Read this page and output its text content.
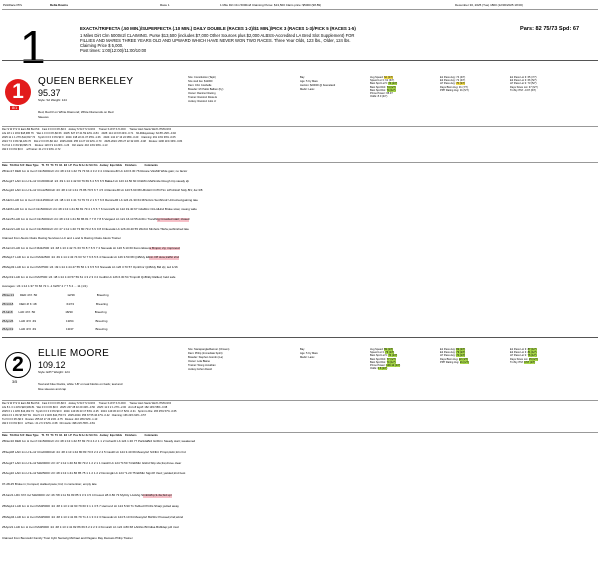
PickRace PPs	Delta Downs	Race 1	1 Mile Dirt Clm 5000n2l Claiming Purse: $13,500 Claim price: $5000 (98.89)	December 30, 2025 (Tue) 1800 (12/30/2025 18:00)
1	EXACTA/TRIFECTA (.50 MIN.)/SUPERFECTA (.10 MIN.) DAILY DOUBLE (RACES 1-2)/$1 MIN.)/PICK 3 (RACES 1-3)/PICK 5 (RACES 1-5)
1 Miles Dirt Clm 5000n2l CLAIMING. Purse $13,500 (includes $7,000 Other Sources plus $2,000 ALBSS-Accredited LA Bred Slot Supplement) FOR
FILLIES AND MARES THREE YEARS OLD AND UPWARD WHICH HAVE NEVER WON TWO RACES. Three Year Olds, 123 lbs., Older, 124 lbs.
Claiming Price $ 5,000.
Post times: 1:00(12:00)/11:00/10:00
Pars: 82 75/73 Spd: 67
1
8/1
QUEEN BERKELEY
95.37
Style: S2 Weight: 124
Red, Red R on White Diamond; White Diamonds on Red
Sleeves
Sire: Constitution (Tapit)
Sire stud fee: $11000
Dam: Chic Cowbelle
Breeder: Mr Pablo Balben (Ky)
Owner: Ramirez Racing
Trainer: Ramirez Rosie E
Jockey: Ramirez Julio Jr
Bay
Age: 5 Ky Mare
Auction: $20000 @ Keeneland
Medic: Lasix
Avg Speed: 62 (2/7)
Speed Lst 3: 61 (6/7)
Best Spd Lst 5: 74 (1/7)
Best Spd Dirt: 74 (1/7)
Best Spd Dst: 74 (1/7)
Prime Power: 95.37
Odds: 8.0 (4/7)
E1 Pace Avg: 74 (4/7)
E2 Pace Avg: 72 (4/7)
LP Pace Avg: 76 (3/7)
Days Btwn Avg: 31 (7/7)
PPP Rating Avg: 31 (5/7)
E1 Pace Lst 3: 65 (7/7)
E2 Pace Lst 3: 66 (5/7)
LP Pace Lst 3: 73 (5/7)
Days Since Lst: 37 (6/7)
TmSty ITM: -0.97 (6/7)
Rec S W P S % Earn Bd Bst Pdt    Fast 0 0 0 0 0% $0 0   Jockey S W P S % ROI     Trainer S W P S % ROI     Trainer Alert Starts Win% ITM% ROI
Life 18 1 1 16% $18,386 76    Wet 1 0 0 0 0% $0 66   2025: 627 37 41 59 22% -0.84    2025: 114 10 9 8 24% -0.71    60-90daysAway: 62 8% 29% -0.92
2025 11 1 1 27% $13,817 74    Synth 0 0 0 0 0% $0 0   2024: 318 22 21 37 25% -1.06    2024: 142 17 13 24 38% -0.20    Claiming: 261 13% 36% -0.05
2024 7 0 0 0% $4,184 76    Dist 2 0 0 0% $0 112   2025-2024: 255 14 27 34 32% -0.70    2025-2024: 256 27 22 32 32% -0.48    Routes: 1196 11% 39% -0.84
Turf 12 1 0 4% $9,995 74     Routes: 120 6 9 14 24% -1.23    Dirt starts: 416 14% 39% -1.13
AW 0 0 0 0% $0 0     w/Trainer: 21 2 6 3 33% -0.72
Date   Trk Dist S R  Race Type    T1  T2  T3  T4  E1  E2  LP  Pos St 1c 2c Str Fin   Jockey  Equ Odds    Finishers           Comments
25Nov17 DED 1m H 3+mf Clm5000n2l :24 :48 1:13 1:42 79 73 64 4 3 2 3 4 4 RamireJR Lb 123 6.30 76 Rossie ViksMil Wide gain; no factor
25Aug27 LAD 1m H 3+mf Clm5000n2l :24 :49 1:14 1:42 60 79 69 6 4 5 5 6 5 BalkaJ Lb 123 14.50 60 ChkMtn MelSmile Rough trip steady 2p
25Aug10 LAD 1m H 3+mf Clm12500n2l :23 :48 1:13 1:41 76 86 79 5 6 7 4 5 4 RamireJR Lb 123 5.90 68 LBrdHrl OnThrTim LiPrdnGirl Stdy 8f1; 4w 3/8
25Jul24 LAD 1m H 3+mf Clm12500n2l :24 :48 1:13 1:41 74 79 72 2 1 6 7 6 6 RamireJR Lb 124 21.30 64 MrSvGrs SunShndr Unhurried;gaining late
25Jul06 LAD 1m H 3+mf Clm5000n2l :24 :48 1:13 1:41 80 81 79 4 1 5 6 7 6 GonzalN Lb 122 19.40 67 CdaMnc OnLtdHnd Broke slow; swung wide
25Jun25 LAD 1m H 3+mf Clm5000n2l :24 :48 1:13 1:41 80 86 81 7 7 8 7 8 6 VargasJ Lb 121 16.10 55 AirDrv TrandNig Crowded start; closed
25Jun22 LAD 1m H 3+mf Clm5000n2l :23 :47 1:12 1:40 73 80 79 2 6 9 9 8 9 NievesE Lb 126 20.40 55 WinKiz Minhols Tlk2w;outfinished late
Claimed from Alexis Claire Racing Services LLC and L and G Racing Claire Alexis Trainer
25Jun13 LAD 1m H 3+mf Md12500 :24 :48 1:13 1:42 71 63 70 8 7 6 5 7 4 NievesE Lb 126 5.10 60 Ilsms Elsiens Bmpst; 2p; improved
25May17 LAD 1m H 3+mf Md12500 :24 :49 1:14 1:43 74 63 72 7 6 6 5 6 4 NievesE Lb 126 3.50 68 QnBrkly Ellnin Off slow;traffic 2nd
25May03 LAD 1m H 3+mf Md7500 :24 :49 1:14 1:44 47 55 56 1 3 6 5 5 6 NievesE Lb 126 3.70 57 OpnFlmr QnBrkly Bid 2p; led 1/16
25Apr19 LAD 1m H 3+mf Md7500 :24 :48 1:14 1:43 57 59 61 4 3 2 3 3 2 CedilA Lb 126 6.30 54 Trmpntll QnBrkly Rallied; held safe
Averages: :24 1:14 1:37 70 66 72 1 -1 62/67 4 7 7 5 4 ... 11 (1/1)
25Dec13 DED 4f ft :50	12/39	Breezing
25Oct18 DED 4f ft :48	64/74	Breezing
25Jul18 LAD 4f ft :50	18/30	Breezing
25Apr26 LAD 4f ft :49	19/64	Breezing
25Apr19 LAD 4f ft :49	19/47	Breezing
2
3/5
ELLIE MOORE
109.12
Style: E/P7 Weight: 124
Teal and blue blocks, white 'LB' on teal blocks on back; teal and
blue sleeves and cap
Sire: Stanspangledbanner (Chosen)
Dam: Philip (Immediate Spirit)
Breeder: Stephen Gorotin (La)
Owner: Lola Blaine
Trainer: Wong Jonathan
Jockey:Cohen David
Bay
Age: 5 Ky Mare
Medic: Lasix
Avg Speed: 69 (1/7)
Speed Lst 3: 73 (1/7)
Best Spd Lst 5: 74 (1/7)
Best Spd Dirt: 77 (1/7)
Best Spd Dst: 74 (1/7)
Prime Power: 109.12 (1/7)
Odds: 0.6 (1/7)
E1 Pace Avg: 82 (1/7)
E2 Pace Avg: 79 (1/7)
LP Pace Avg: 74 (1/7)
Days Btwn Avg: 22 (1/7)
PPP Rating Avg: 21 (1/7)
E1 Pace Lst 3: 87 (1/7)
E2 Pace Lst 3: 81 (1/7)
LP Pace Lst 3: 76 (1/7)
Days Since Lst: 15 (1/7)
TmSty ITM: 0.57 (1/7)
Rec S W P S % Earn Bd Bst Pdt    Fast 0 0 0 0 0% $0 0   Jockey S W P S % ROI     Trainer S W P S % ROI     Trainer Alert Starts Win% ITM% ROI
Life 8 1 3 1 43% $20,909 81   Wet 0 0 0 0% $0 0   2025: 207 28 32 29 43% -0.50   2025: 11 0 2 1 27% -2.00   2nd off layoff: 182 19% 58% -0.68
2025 6 1 1 18% $13,302 74   Synth 0 0 0 0 0% $0 0   2024: 149 39 23 17 53% -0.25   2024: 149 36 23 17 52% -0.31   Sprint to Rte: 165 25% 57% -0.65
2024 2 0 1 0% $7,607 81   Dist 5 1 0 3 40% $10,750 74   2025-2024: 356 67 55 46 47% -0.42   Claiming: 166 22% 64% -0.57
Turf 0 0 0 0% $0 0   Routes: 255 18 17 23 23% -0.75   Routes: 416 18% 52% -1.13
AW 0 0 0 0% $0 0   w/Train.: 21 2 6 3 52% -0.68   Dirt starts: 498 21% 55% -0.81
Date   Trk Dist S R  Race Type    T1  T2  T3  T4  E1  E2  LP  Pos St 1c 2c Str Fin   Jockey  Equ Odds    Finishers           Comments
25Dec10 DED 1m H 3+mf Clm5000n2l :24 :48 1:13 1:42 87 82 70 4 4 2 1 1 2 CohenD Lb 124 1.30 77 PartidaBrd GirlFrm Steady start; weakened
25Sep08 LAD 1m H 3+mf Clm20000n2l :24 :48 1:13 1:42 80 83 70 6 2 2 2 4 5 CastilI Lb 124 3.40 69 MessyGrl SrFlbrt Prmpt;ckdn;tirin fnd
25Aug27 LAD 1m H 3+mf Md20000 :23 :47 1:12 1:40 84 80 79 2 1 2 2 1 1 CastilI Lb 124 *0.50 74 EltMkr Glshd Stlp slw;3w;drove clear
25Aug10 LAD 1m H 3+mf Md25000 :23 :48 1:13 1:41 86 85 75 1 1 2 1 2 2 DomingE Lb 124 *1.20 75 EltMkr SignOf Vied; yielded;2nd best
07-28-25 Broke in; bumped; stalked pace; bid; in contention; empty late
25Jun21 LRC 6f ft 3+f Md20000 :22 :46 :58 1:11 81 83 85 3 3 3 4 5 4 FresuA LB 0.80 73 MyKtty LAdshg Stmbld/bp;3-4w;bid upr
25May12 LAD 1m H 3+mf Md25000 :24 :48 1:13 1:42 90 79 60 3 1 1 3 5 7 HernanJ Lb 124 5.90 71 SvRed PrtClls Sharp;pulled away
25May04 LAD 1m H 3+mf Md25000 :24 :48 1:13 1:41 84 79 71 4 1 3 3 2 3 NievesE Lb 124 5.10 64 MessyGrl BstShv Pressed;2nd;wknd
25Apr21 LAD 1m H 3+mf Md25000 :24 :48 1:13 1:41 82 86 69 6 2 2 2 3 4 KimuraK Lb 124 4.80 68 LADrks BOrdisa Bid3dep;p/d insd
Claimed from Benowitz Family Trust Cybt Nentwig Michael and Pagano Ray Damato Philip Trainer
